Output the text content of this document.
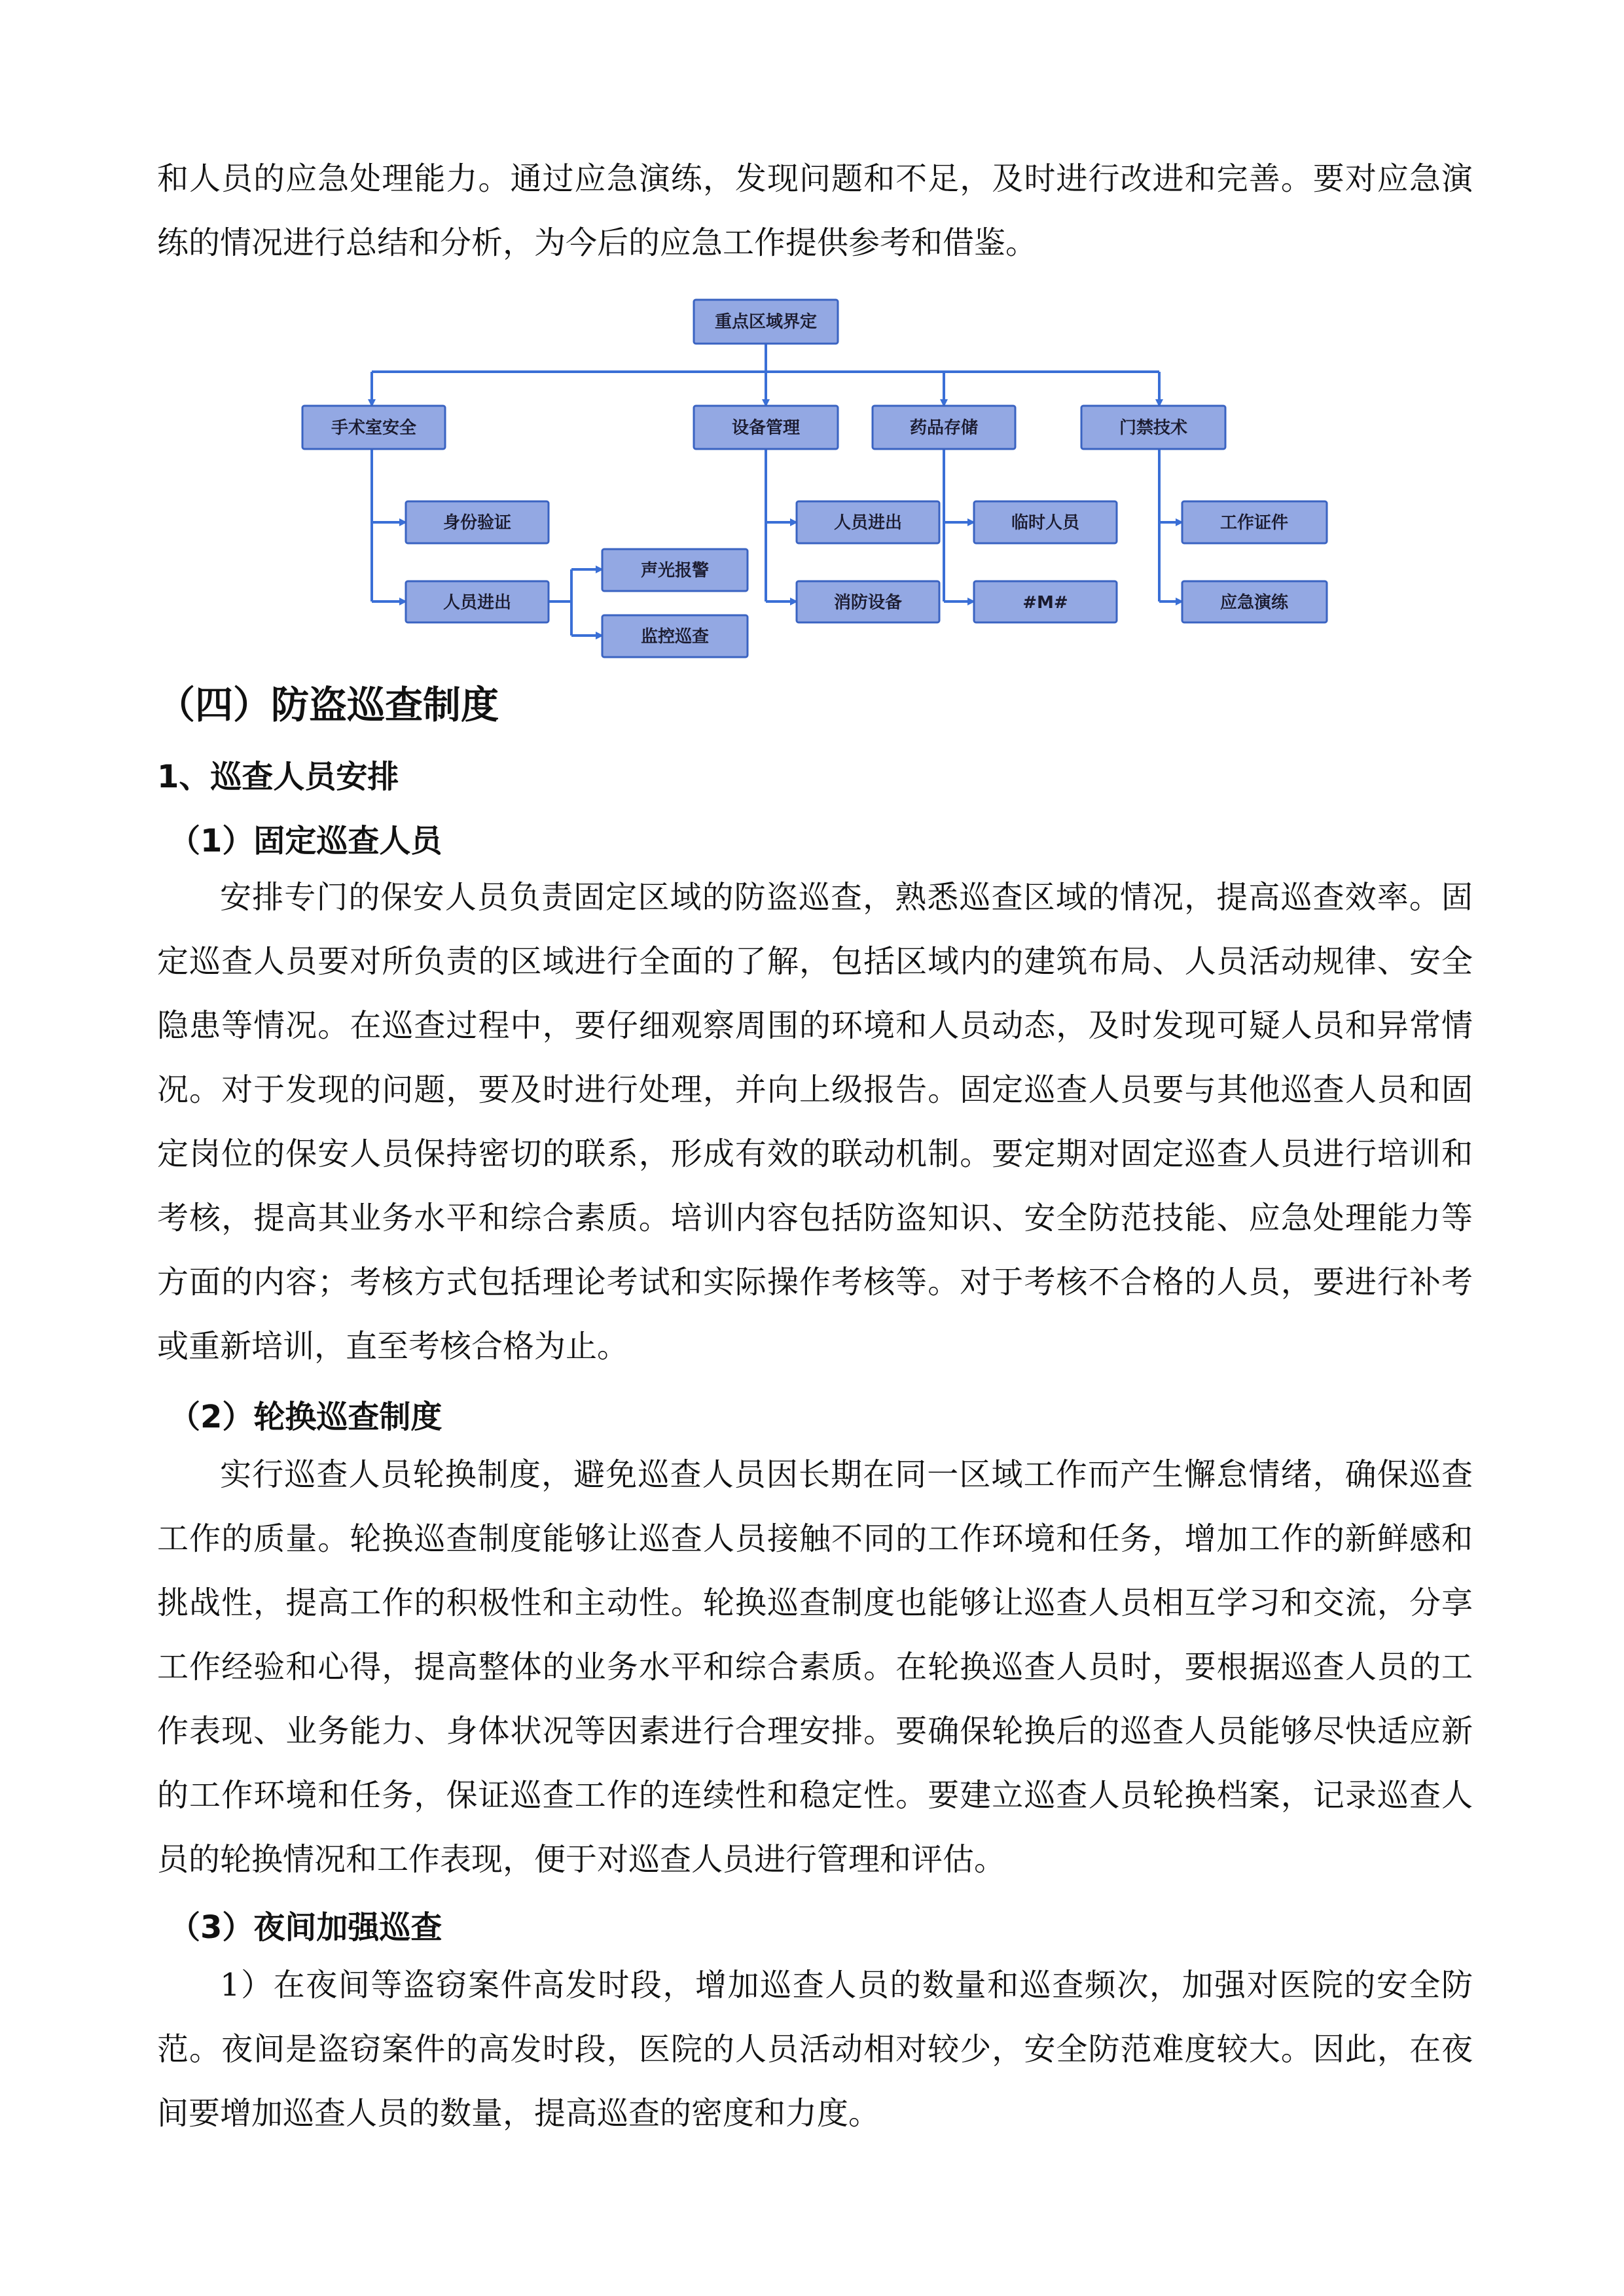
和人员的应急处理能力。通过应急演练，发现问题和不足，及时进行改进和完善。要对应急演练的情况进行总结和分析，为今后的应急工作提供参考和借鉴。

重点区域界定
手术室安全	设备管理	药品存储	门禁技术
身份验证
人员进出
声光报警
监控巡查
人员进出
消防设备
临时人员
#M#
工作证件
应急演练
（四）防盗巡查制度
1、巡查人员安排
（1）固定巡查人员

安排专门的保安人员负责固定区域的防盗巡查，熟悉巡查区域的情况，提高巡查效率。固定巡查人员要对所负责的区域进行全面的了解，包括区域内的建筑布局、人员活动规律、安全隐患等情况。在巡查过程中，要仔细观察周围的环境和人员动态，及时发现可疑人员和异常情况。对于发现的问题，要及时进行处理，并向上级报告。固定巡查人员要与其他巡查人员和固定岗位的保安人员保持密切的联系，形成有效的联动机制。要定期对固定巡查人员进行培训和考核，提高其业务水平和综合素质。培训内容包括防盗知识、安全防范技能、应急处理能力等方面的内容；考核方式包括理论考试和实际操作考核等。对于考核不合格的人员，要进行补考或重新培训，直至考核合格为止。

（2）轮换巡查制度

实行巡查人员轮换制度，避免巡查人员因长期在同一区域工作而产生懈怠情绪，确保巡查工作的质量。轮换巡查制度能够让巡查人员接触不同的工作环境和任务，增加工作的新鲜感和挑战性，提高工作的积极性和主动性。轮换巡查制度也能够让巡查人员相互学习和交流，分享工作经验和心得，提高整体的业务水平和综合素质。在轮换巡查人员时，要根据巡查人员的工作表现、业务能力、身体状况等因素进行合理安排。要确保轮换后的巡查人员能够尽快适应新的工作环境和任务，保证巡查工作的连续性和稳定性。要建立巡查人员轮换档案，记录巡查人员的轮换情况和工作表现，便于对巡查人员进行管理和评估。

（3）夜间加强巡查

1）在夜间等盗窃案件高发时段，增加巡查人员的数量和巡查频次，加强对医院的安全防范。夜间是盗窃案件的高发时段，医院的人员活动相对较少，安全防范难度较大。因此，在夜间要增加巡查人员的数量，提高巡查的密度和力度。
